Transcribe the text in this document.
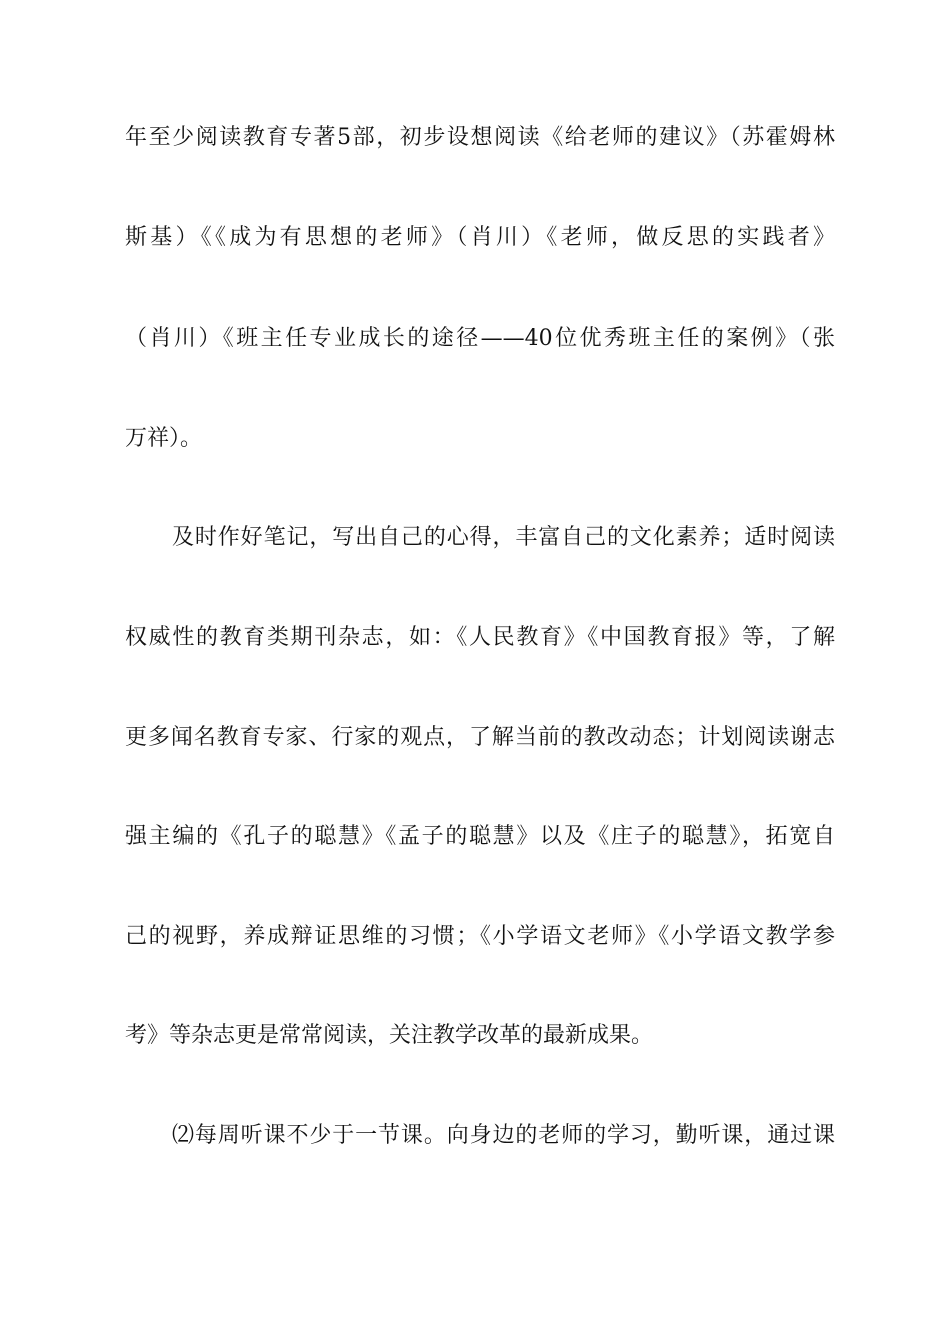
年至少阅读教育专著5部，初步设想阅读《给老师的建议》（苏霍姆林
斯基）《《成为有思想的老师》（肖川）《老师，做反思的实践者》
（肖川）《班主任专业成长的途径——40位优秀班主任的案例》（张
万祥）。
及时作好笔记，写出自己的心得，丰富自己的文化素养；适时阅读
权威性的教育类期刊杂志，如：《人民教育》《中国教育报》等，了解
更多闻名教育专家、行家的观点，了解当前的教改动态；计划阅读谢志
强主编的《孔子的聪慧》《孟子的聪慧》以及《庄子的聪慧》，拓宽自
己的视野，养成辩证思维的习惯；《小学语文老师》《小学语文教学参
考》等杂志更是常常阅读，关注教学改革的最新成果。
⑵每周听课不少于一节课。向身边的老师的学习，勤听课，通过课
